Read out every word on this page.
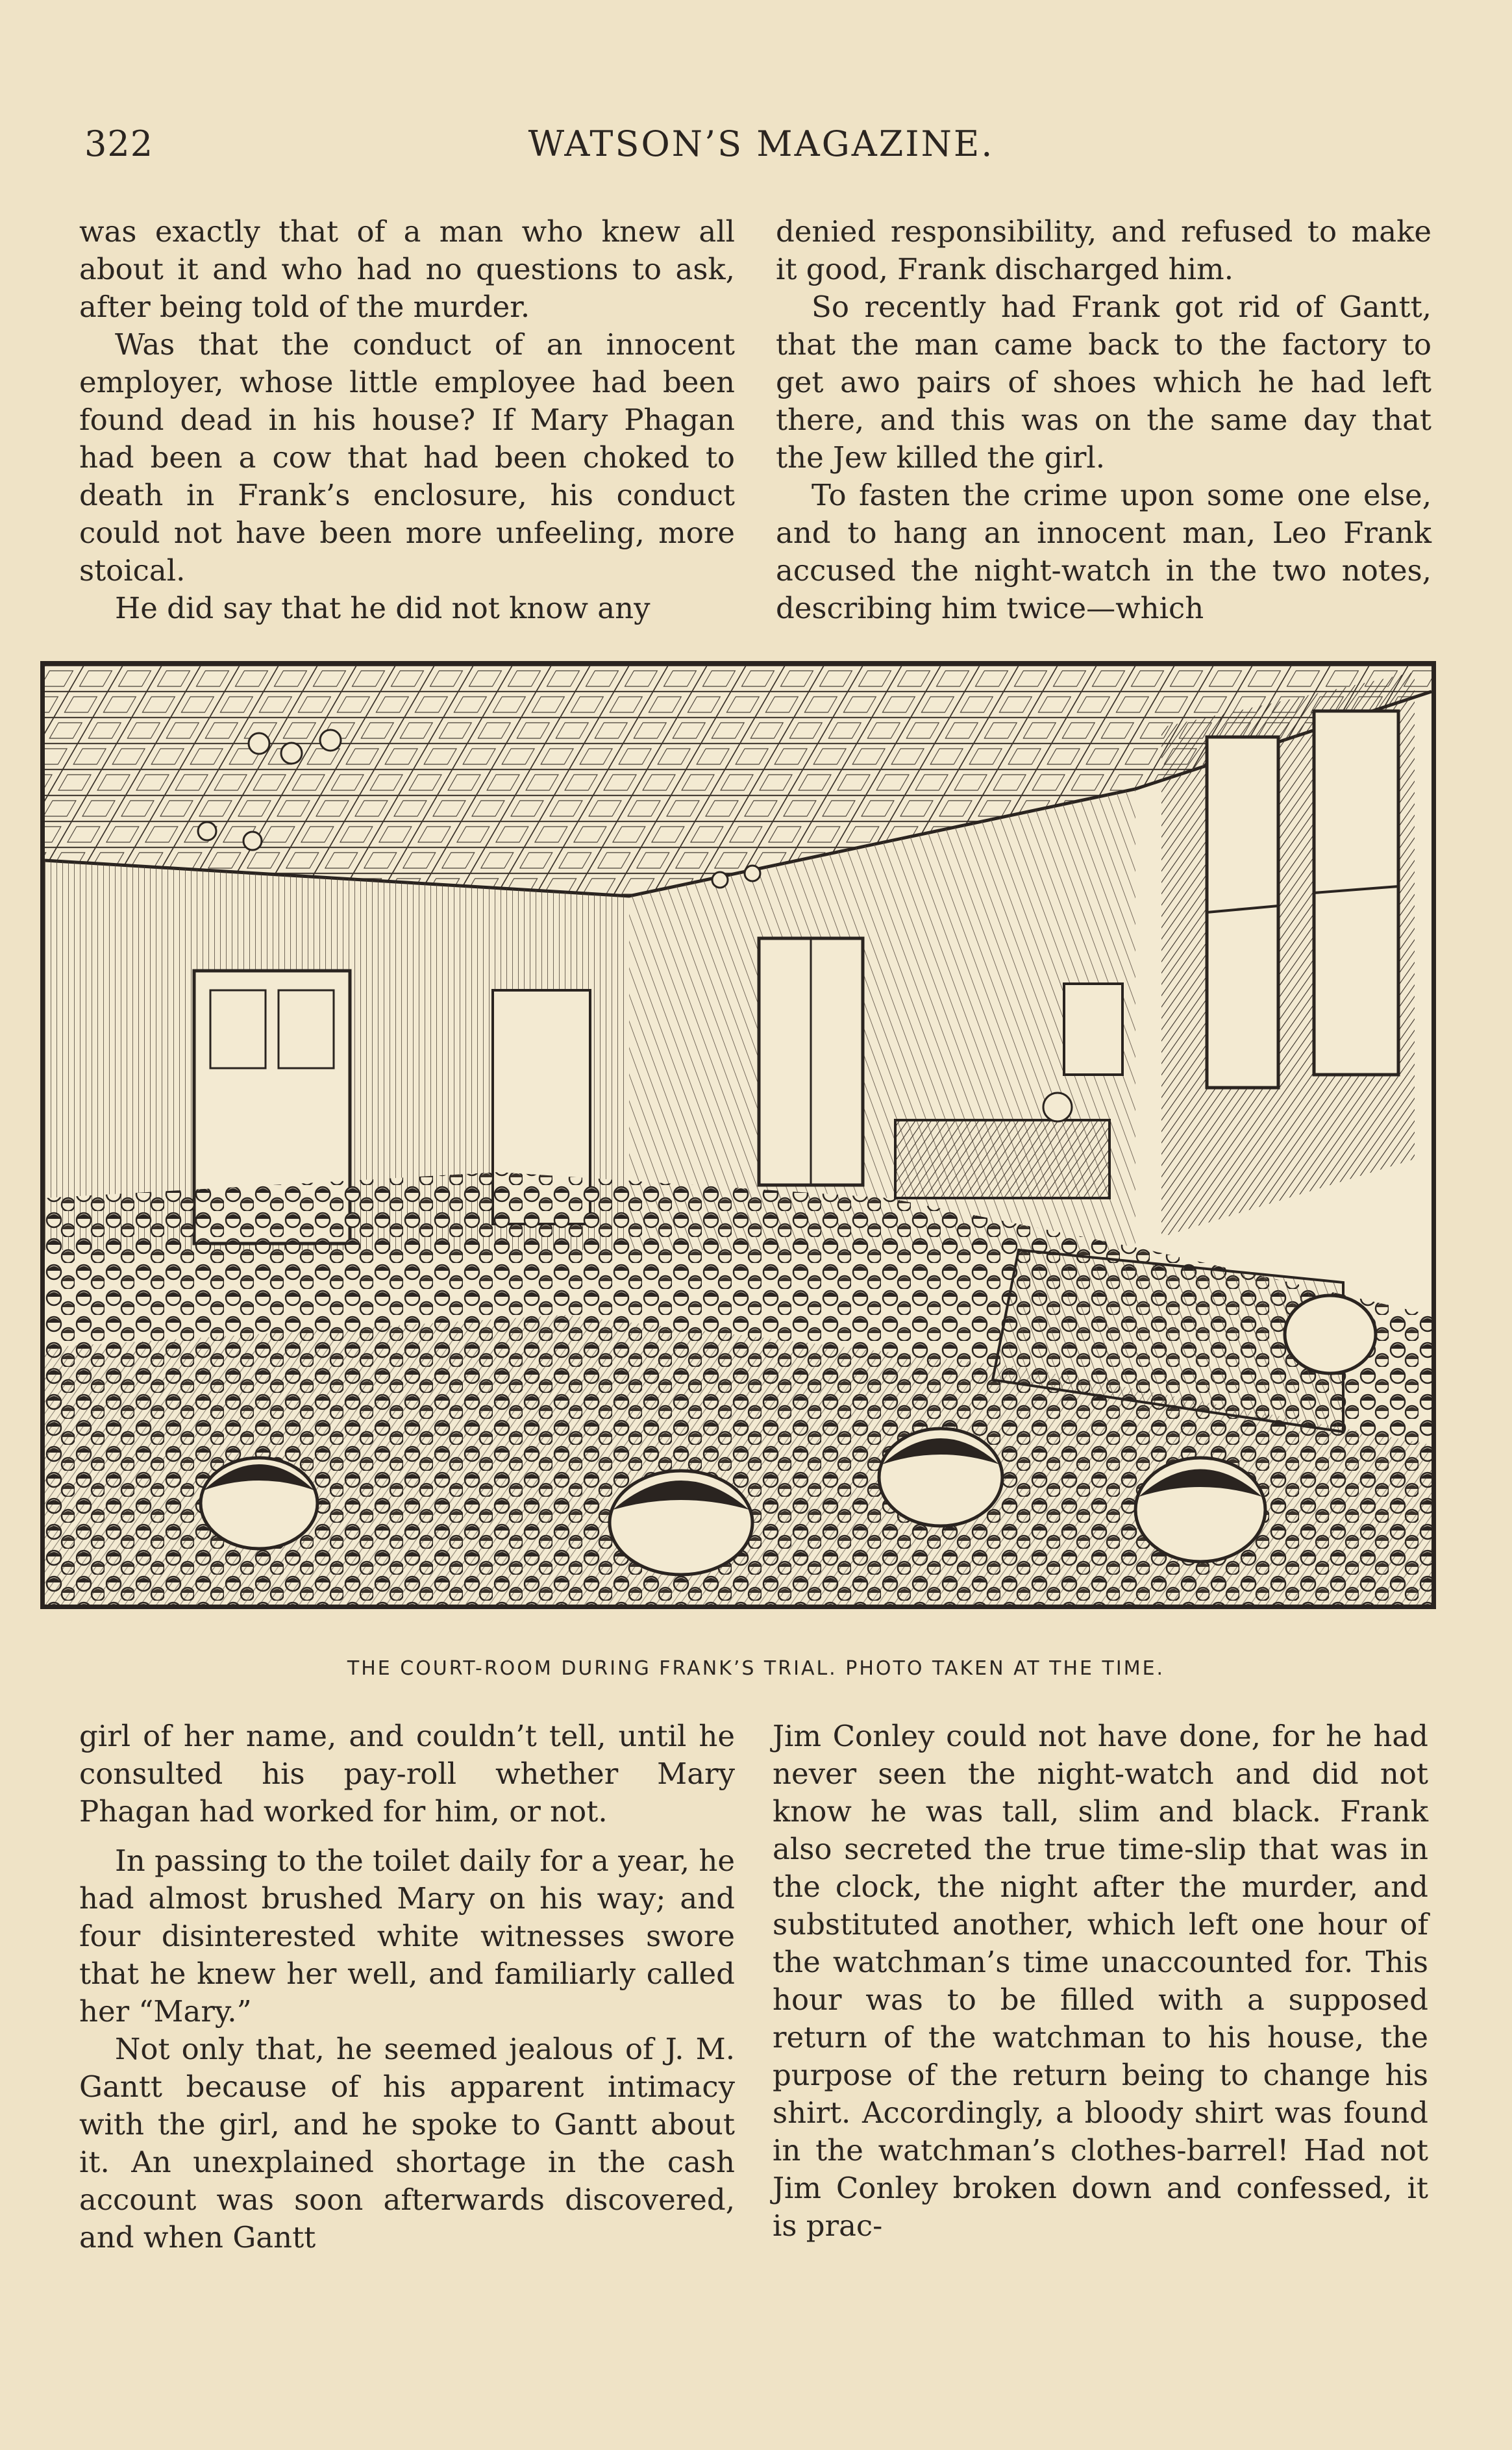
322	WATSON’S MAGAZINE.

was exactly that of a man who knew all about it and who had no questions to ask, after being told of the murder.

Was that the conduct of an innocent employer, whose little employee had been found dead in his house? If Mary Phagan had been a cow that had been choked to death in Frank’s enclosure, his conduct could not have been more unfeeling, more stoical.

He did say that he did not know any

denied responsibility, and refused to make it good, Frank discharged him.

So recently had Frank got rid of Gantt, that the man came back to the factory to get awo pairs of shoes which he had left there, and this was on the same day that the Jew killed the girl.

To fasten the crime upon some one else, and to hang an innocent man, Leo Frank accused the night-watch in the two notes, describing him twice—which

THE COURT-ROOM DURING FRANK’S TRIAL. PHOTO TAKEN AT THE TIME.

girl of her name, and couldn’t tell, until he consulted his pay-roll whether Mary Phagan had worked for him, or not.

In passing to the toilet daily for a year, he had almost brushed Mary on his way; and four disinterested white witnesses swore that he knew her well, and familiarly called her “Mary.”

Not only that, he seemed jealous of J. M. Gantt because of his apparent intimacy with the girl, and he spoke to Gantt about it. An unexplained shortage in the cash account was soon afterwards discovered, and when Gantt

Jim Conley could not have done, for he had never seen the night-watch and did not know he was tall, slim and black. Frank also secreted the true time-slip that was in the clock, the night after the murder, and substituted another, which left one hour of the watchman’s time unaccounted for. This hour was to be filled with a supposed return of the watchman to his house, the purpose of the return being to change his shirt. Accordingly, a bloody shirt was found in the watchman’s clothes-barrel! Had not Jim Conley broken down and confessed, it is prac-
